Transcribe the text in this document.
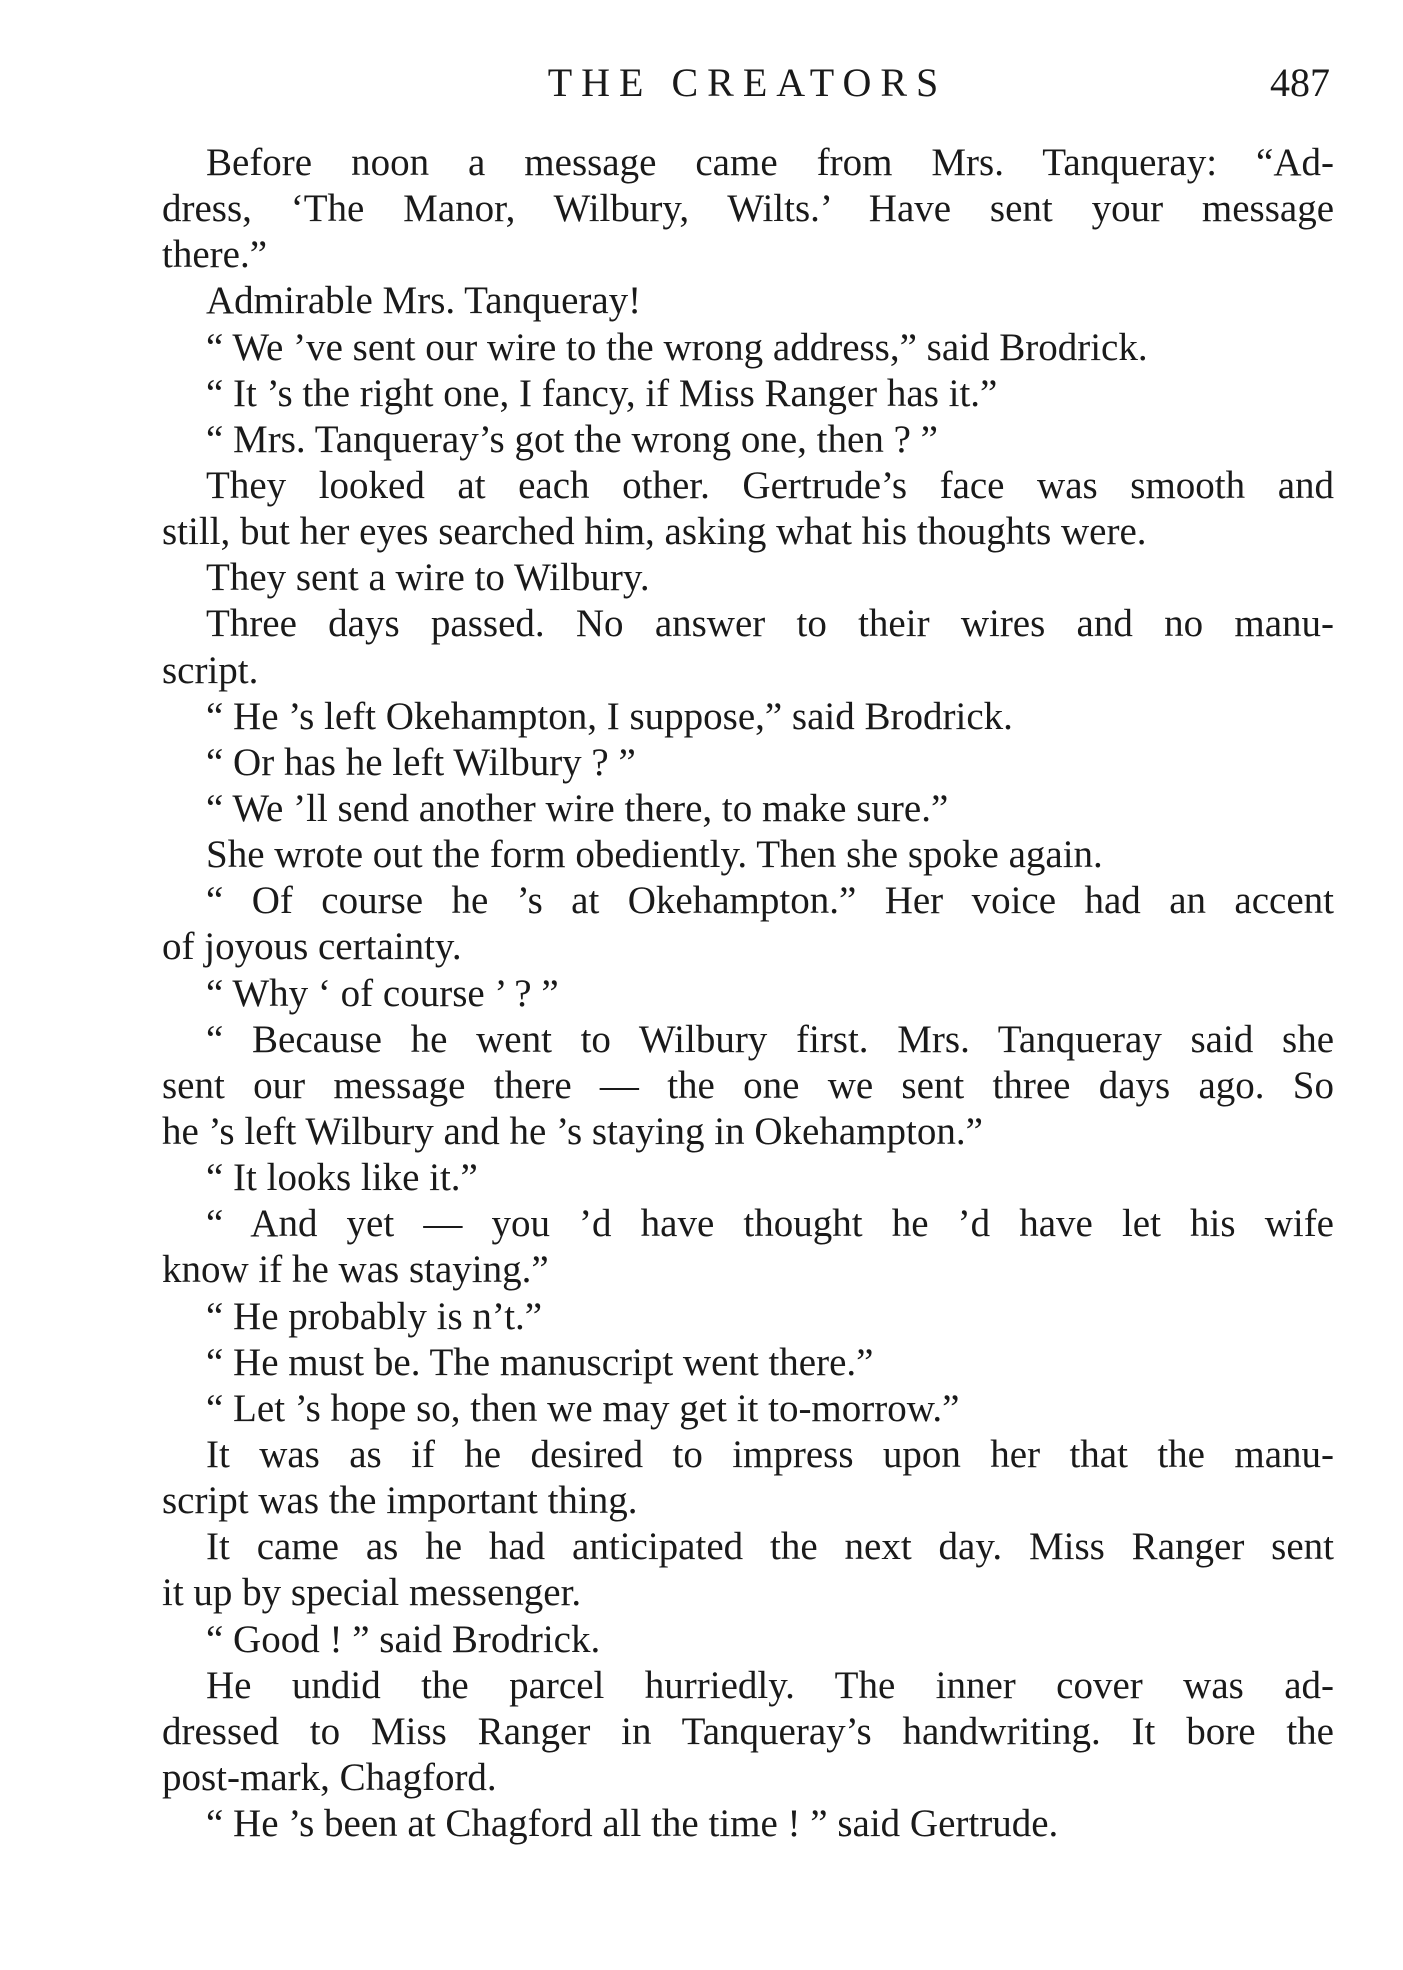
THE CREATORS	487
Before noon a message came from Mrs. Tanqueray: “Ad-
dress, ‘The Manor, Wilbury, Wilts.’ Have sent your message
there.”
Admirable Mrs. Tanqueray!
“ We ’ve sent our wire to the wrong address,” said Brodrick.
“ It ’s the right one, I fancy, if Miss Ranger has it.”
“ Mrs. Tanqueray’s got the wrong one, then ? ”
They looked at each other. Gertrude’s face was smooth and
still, but her eyes searched him, asking what his thoughts were.
They sent a wire to Wilbury.
Three days passed. No answer to their wires and no manu-
script.
“ He ’s left Okehampton, I suppose,” said Brodrick.
“ Or has he left Wilbury ? ”
“ We ’ll send another wire there, to make sure.”
She wrote out the form obediently. Then she spoke again.
“ Of course he ’s at Okehampton.” Her voice had an accent
of joyous certainty.
“ Why ‘ of course ’ ? ”
“ Because he went to Wilbury first. Mrs. Tanqueray said she
sent our message there — the one we sent three days ago. So
he ’s left Wilbury and he ’s staying in Okehampton.”
“ It looks like it.”
“ And yet — you ’d have thought he ’d have let his wife
know if he was staying.”
“ He probably is n’t.”
“ He must be. The manuscript went there.”
“ Let ’s hope so, then we may get it to-morrow.”
It was as if he desired to impress upon her that the manu-
script was the important thing.
It came as he had anticipated the next day. Miss Ranger sent
it up by special messenger.
“ Good ! ” said Brodrick.
He undid the parcel hurriedly. The inner cover was ad-
dressed to Miss Ranger in Tanqueray’s handwriting. It bore the
post-mark, Chagford.
“ He ’s been at Chagford all the time ! ” said Gertrude.
